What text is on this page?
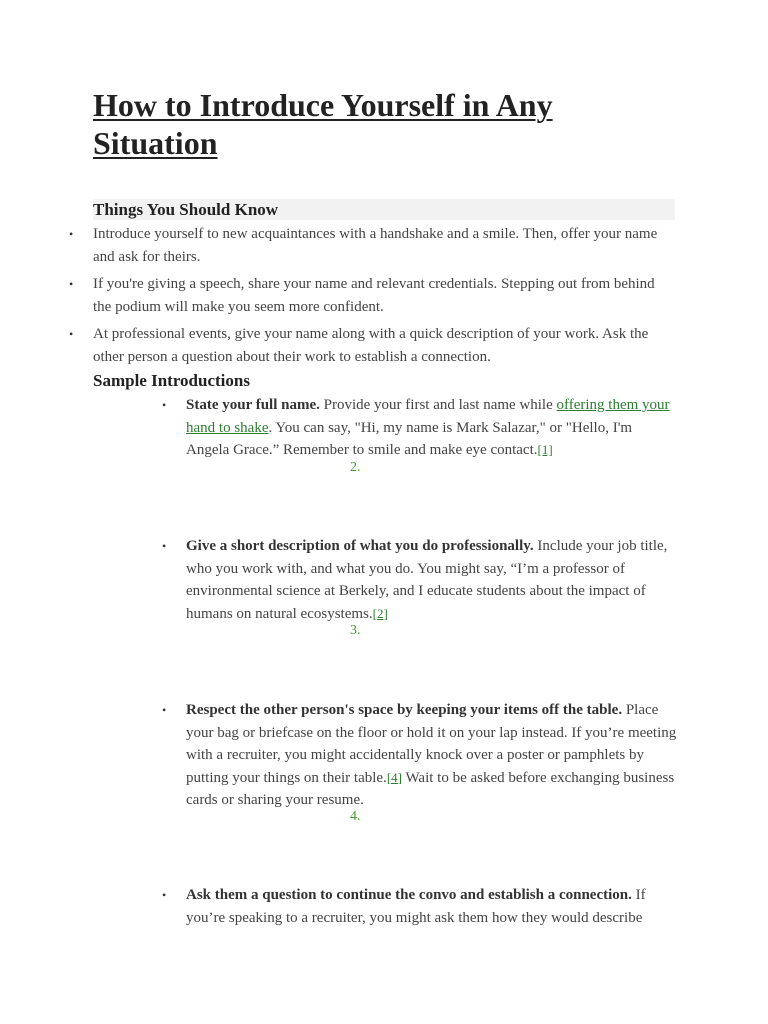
How to Introduce Yourself in Any Situation
Things You Should Know
• Introduce yourself to new acquaintances with a handshake and a smile. Then, offer your name and ask for theirs.
• If you're giving a speech, share your name and relevant credentials. Stepping out from behind the podium will make you seem more confident.
• At professional events, give your name along with a quick description of your work. Ask the other person a question about their work to establish a connection.
Sample Introductions
• State your full name. Provide your first and last name while offering them your hand to shake. You can say, "Hi, my name is Mark Salazar," or "Hello, I'm Angela Grace.” Remember to smile and make eye contact.[1]
2.
• Give a short description of what you do professionally. Include your job title, who you work with, and what you do. You might say, “I’m a professor of environmental science at Berkely, and I educate students about the impact of humans on natural ecosystems.[2]
3.
• Respect the other person's space by keeping your items off the table. Place your bag or briefcase on the floor or hold it on your lap instead. If you’re meeting with a recruiter, you might accidentally knock over a poster or pamphlets by putting your things on their table.[4] Wait to be asked before exchanging business cards or sharing your resume.
4.
• Ask them a question to continue the convo and establish a connection. If you’re speaking to a recruiter, you might ask them how they would describe
